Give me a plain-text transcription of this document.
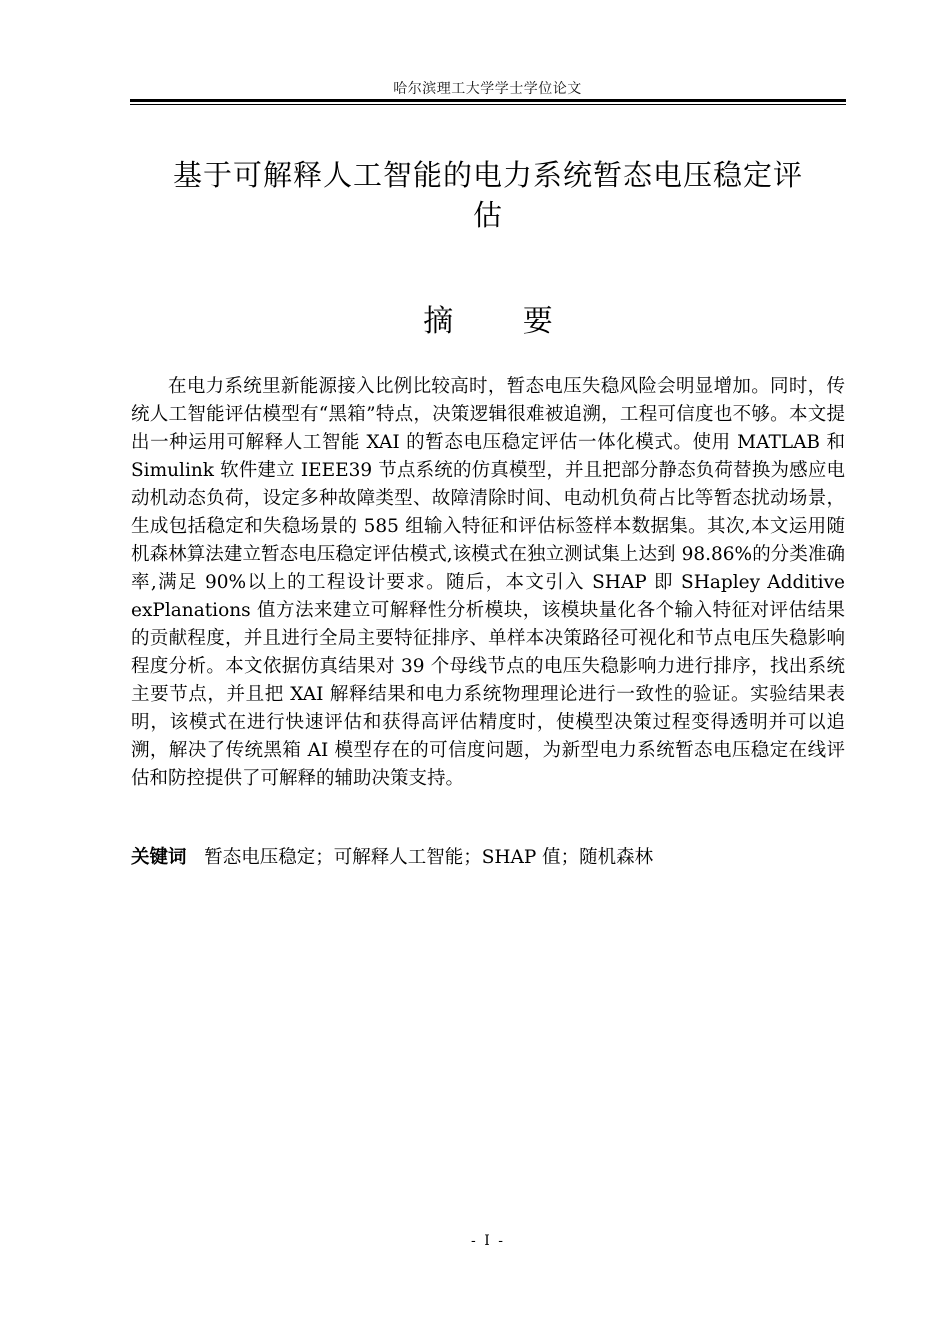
哈尔滨理工大学学士学位论文
基于可解释人工智能的电力系统暂态电压稳定评
估
摘 要

在电力系统里新能源接入比例比较高时，暂态电压失稳风险会明显增加。同时，传统人工智能评估模型有“黑箱”特点，决策逻辑很难被追溯，工程可信度也不够。本文提出一种运用可解释人工智能 XAI 的暂态电压稳定评估一体化模式。使用 MATLAB 和 Simulink 软件建立 IEEE39 节点系统的仿真模型，并且把部分静态负荷替换为感应电动机动态负荷，设定多种故障类型、故障清除时间、电动机负荷占比等暂态扰动场景，生成包括稳定和失稳场景的 585 组输入特征和评估标签样本数据集。其次,本文运用随机森林算法建立暂态电压稳定评估模式,该模式在独立测试集上达到 98.86%的分类准确率,满足 90%以上的工程设计要求。随后，本文引入 SHAP 即 SHapley Additive exPlanations 值方法来建立可解释性分析模块，该模块量化各个输入特征对评估结果的贡献程度，并且进行全局主要特征排序、单样本决策路径可视化和节点电压失稳影响程度分析。本文依据仿真结果对 39 个母线节点的电压失稳影响力进行排序，找出系统主要节点，并且把 XAI 解释结果和电力系统物理理论进行一致性的验证。实验结果表明，该模式在进行快速评估和获得高评估精度时，使模型决策过程变得透明并可以追溯，解决了传统黑箱 AI 模型存在的可信度问题，为新型电力系统暂态电压稳定在线评估和防控提供了可解释的辅助决策支持。

关键词 暂态电压稳定；可解释人工智能；SHAP 值；随机森林
- I -
